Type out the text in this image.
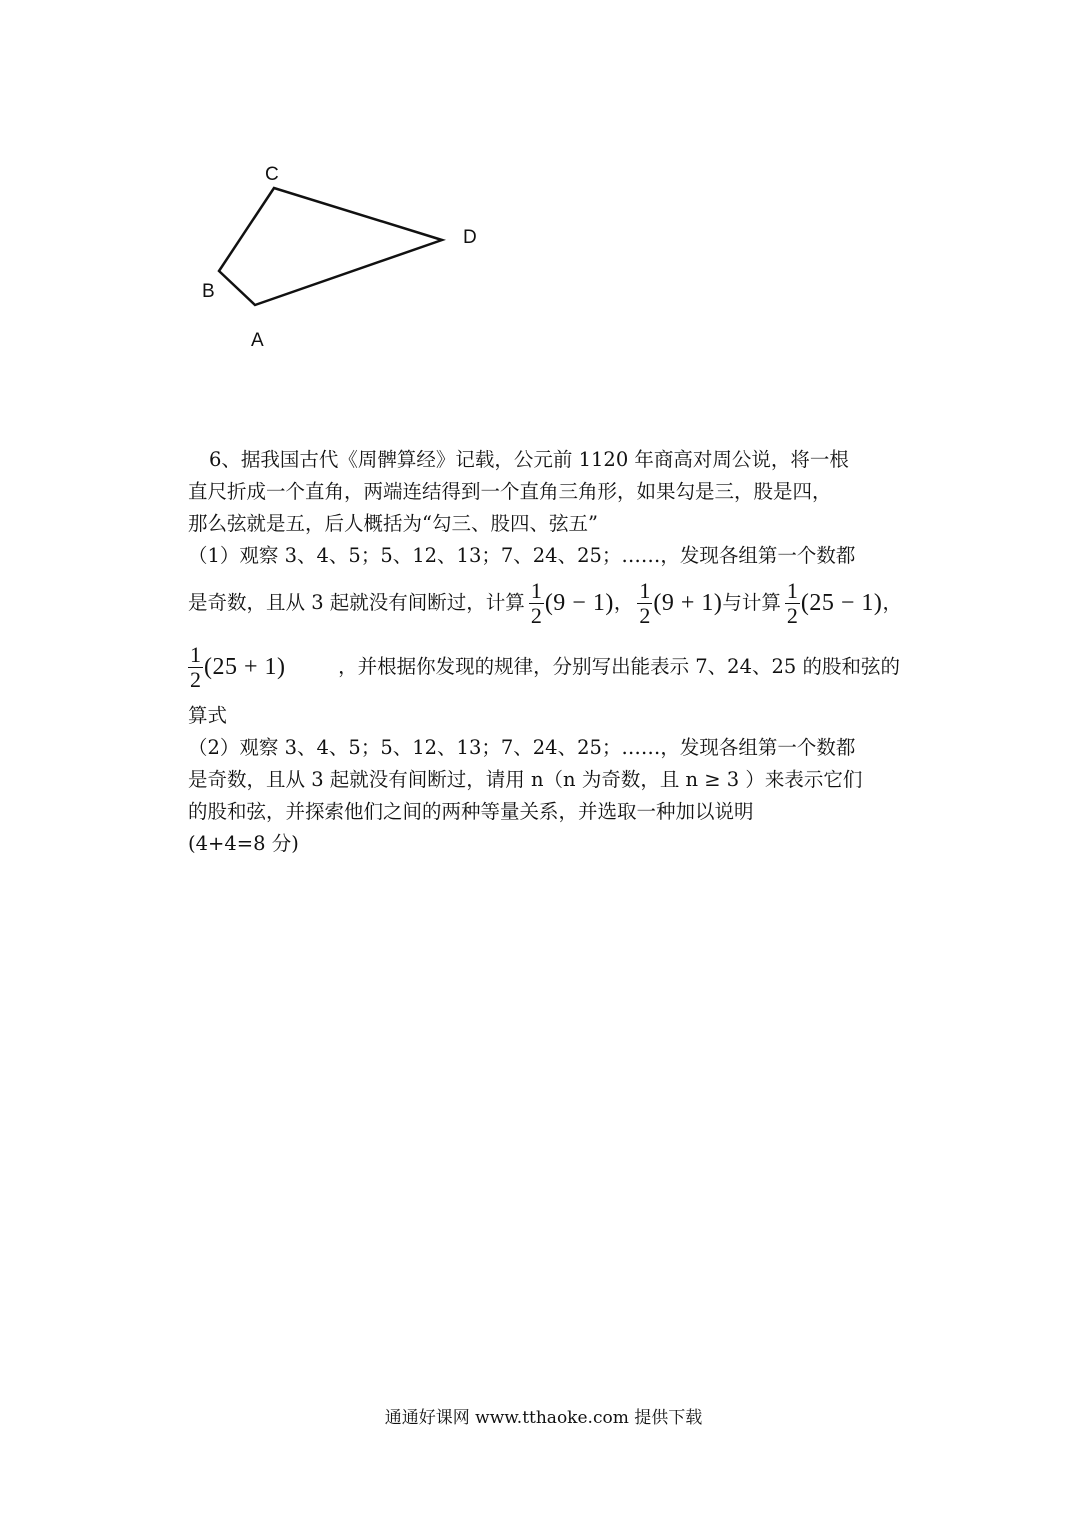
C
D
B
A
6、据我国古代《周髀算经》记载，公元前 1120 年商高对周公说，将一根
直尺折成一个直角，两端连结得到一个直角三角形，如果勾是三，股是四，
那么弦就是五，后人概括为“勾三、股四、弦五”
（1）观察 3、4、5；5、12、13；7、24、25；……，发现各组第一个数都
是奇数，且从 3 起就没有间断过，计算 $\frac{1}{2} (9 - 1)$ ， $\frac{1}{2} (9 + 1)$ 与计算 $\frac{1}{2} (25 - 1)$ ，
$\frac{1}{2} (25 + 1)$	，并根据你发现的规律，分别写出能表示 7、24、25 的股和弦的
算式
（2）观察 3、4、5；5、12、13；7、24、25；……，发现各组第一个数都
是奇数，且从 3 起就没有间断过，请用 n（n 为奇数，且 n ≥ 3 ）来表示它们
的股和弦，并探索他们之间的两种等量关系，并选取一种加以说明
(4+4=8 分)
通通好课网 www.tthaoke.com 提供下载
